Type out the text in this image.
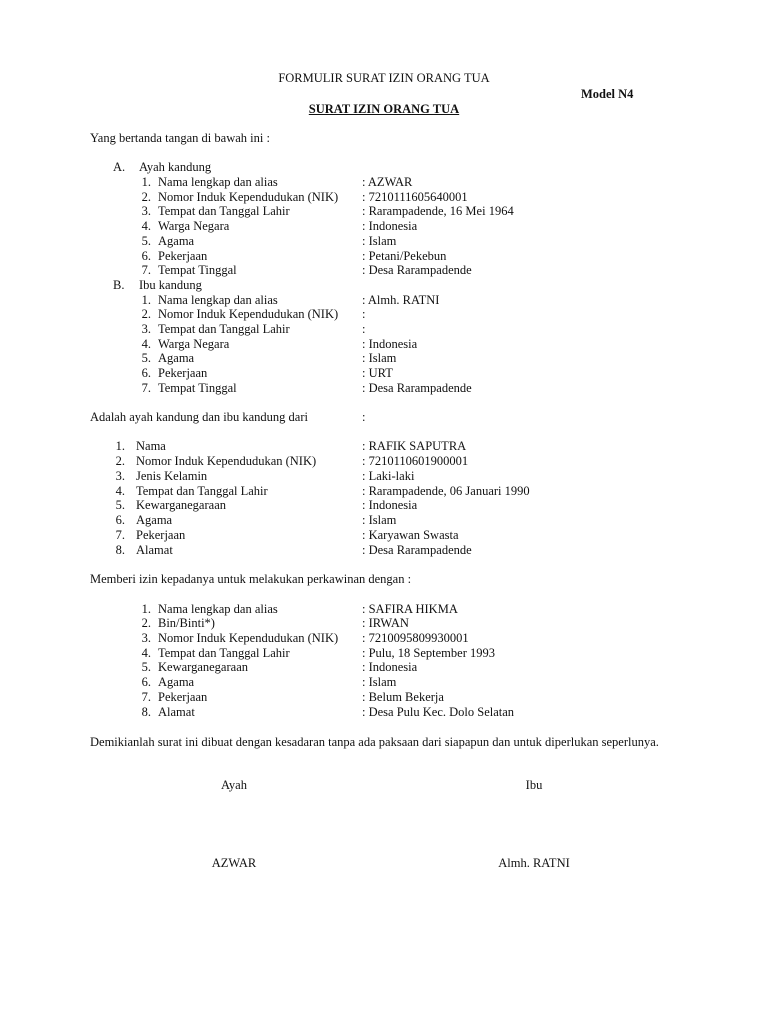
FORMULIR SURAT IZIN ORANG TUA
Model N4
SURAT IZIN ORANG TUA
Yang bertanda tangan di bawah ini :
A. Ayah kandung
1. Nama lengkap dan alias	: AZWAR
2. Nomor Induk Kependudukan (NIK) : 7210111605640001
3. Tempat dan Tanggal Lahir	: Rarampadende, 16 Mei 1964
4. Warga Negara	: Indonesia
5. Agama	: Islam
6. Pekerjaan	: Petani/Pekebun
7. Tempat Tinggal	: Desa Rarampadende
B. Ibu kandung
1. Nama lengkap dan alias	: Almh. RATNI
2. Nomor Induk Kependudukan (NIK) :
3. Tempat dan Tanggal Lahir	:
4. Warga Negara	: Indonesia
5. Agama	: Islam
6. Pekerjaan	: URT
7. Tempat Tinggal	: Desa Rarampadende
Adalah ayah kandung dan ibu kandung dari	:
1. Nama	: RAFIK SAPUTRA
2. Nomor Induk Kependudukan (NIK)	: 7210110601900001
3. Jenis Kelamin	: Laki-laki
4. Tempat dan Tanggal Lahir	: Rarampadende, 06 Januari 1990
5. Kewarganegaraan	: Indonesia
6. Agama	: Islam
7. Pekerjaan	: Karyawan Swasta
8. Alamat	: Desa Rarampadende
Memberi izin kepadanya untuk melakukan perkawinan dengan :
1. Nama lengkap dan alias	: SAFIRA HIKMA
2. Bin/Binti*)	: IRWAN
3. Nomor Induk Kependudukan (NIK) : 7210095809930001
4. Tempat dan Tanggal Lahir	: Pulu, 18 September 1993
5. Kewarganegaraan	: Indonesia
6. Agama	: Islam
7. Pekerjaan	: Belum Bekerja
8. Alamat	: Desa Pulu Kec. Dolo Selatan
Demikianlah surat ini dibuat dengan kesadaran tanpa ada paksaan dari siapapun dan untuk diperlukan seperlunya.
Ayah	Ibu
AZWAR	Almh. RATNI
